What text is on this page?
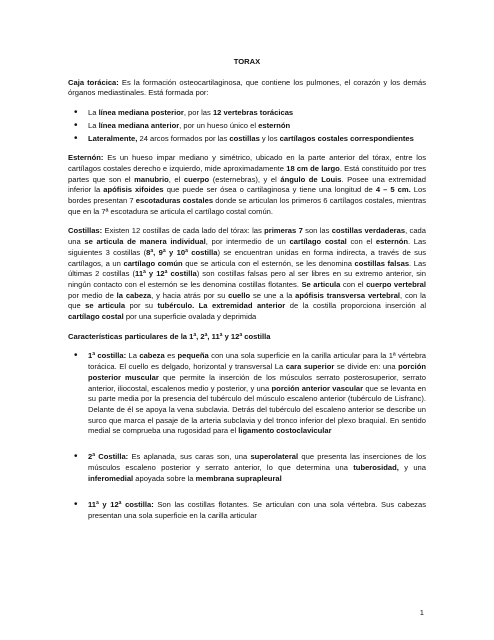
TORAX

Caja torácica: Es la formación osteocartilaginosa, que contiene los pulmones, el corazón y los demás órganos mediastinales. Está formada por:

• La línea mediana posterior, por las 12 vertebras torácicas
• La línea mediana anterior, por un hueso único el esternón
• Lateralmente, 24 arcos formados por las costillas y los cartílagos costales correspondientes

Esternón: Es un hueso impar mediano y simétrico, ubicado en la parte anterior del tórax, entre los cartílagos costales derecho e izquierdo, mide aproximadamente 18 cm de largo. Está constituido por tres partes que son el manubrio, el cuerpo (esternebras), y el ángulo de Louis. Posee una extremidad inferior la apófisis xifoides que puede ser ósea o cartilaginosa y tiene una longitud de 4 – 5 cm. Los bordes presentan 7 escotaduras costales donde se articulan los primeros 6 cartílagos costales, mientras que en la 7ª escotadura se articula el cartílago costal común.

Costillas: Existen 12 costillas de cada lado del tórax: las primeras 7 son las costillas verdaderas, cada una se articula de manera individual, por intermedio de un cartílago costal con el esternón. Las siguientes 3 costillas (8ª, 9ª y 10ª costilla) se encuentran unidas en forma indirecta, a través de sus cartílagos, a un cartílago común que se articula con el esternón, se les denomina costillas falsas. Las últimas 2 costillas (11ª y 12ª costilla) son costillas falsas pero al ser libres en su extremo anterior, sin ningún contacto con el esternón se les denomina costillas flotantes. Se articula con el cuerpo vertebral por medio de la cabeza, y hacia atrás por su cuello se une a la apófisis transversa vertebral, con la que se articula por su tubérculo. La extremidad anterior de la costilla proporciona inserción al cartílago costal por una superficie ovalada y deprimida

Características particulares de la 1ª, 2ª, 11ª y 12ª costilla

• 1ª costilla: La cabeza es pequeña con una sola superficie en la carilla articular para la 1ª vértebra torácica. El cuello es delgado, horizontal y transversal La cara superior se divide en: una porción posterior muscular que permite la inserción de los músculos serrato posterosuperior, serrato anterior, iliocostal, escalenos medio y posterior, y una porción anterior vascular que se levanta en su parte media por la presencia del tubérculo del músculo escaleno anterior (tubérculo de Lisfranc). Delante de él se apoya la vena subclavia. Detrás del tubérculo del escaleno anterior se describe un surco que marca el pasaje de la arteria subclavia y del tronco inferior del plexo braquial. En sentido medial se comprueba una rugosidad para el ligamento costoclavicular
• 2ª Costilla: Es aplanada, sus caras son, una superolateral que presenta las inserciones de los músculos escaleno posterior y serrato anterior, lo que determina una tuberosidad, y una inferomedial apoyada sobre la membrana suprapleural
• 11ª y 12ª costilla: Son las costillas flotantes. Se articulan con una sola vértebra. Sus cabezas presentan una sola superficie en la carilla articular
1
